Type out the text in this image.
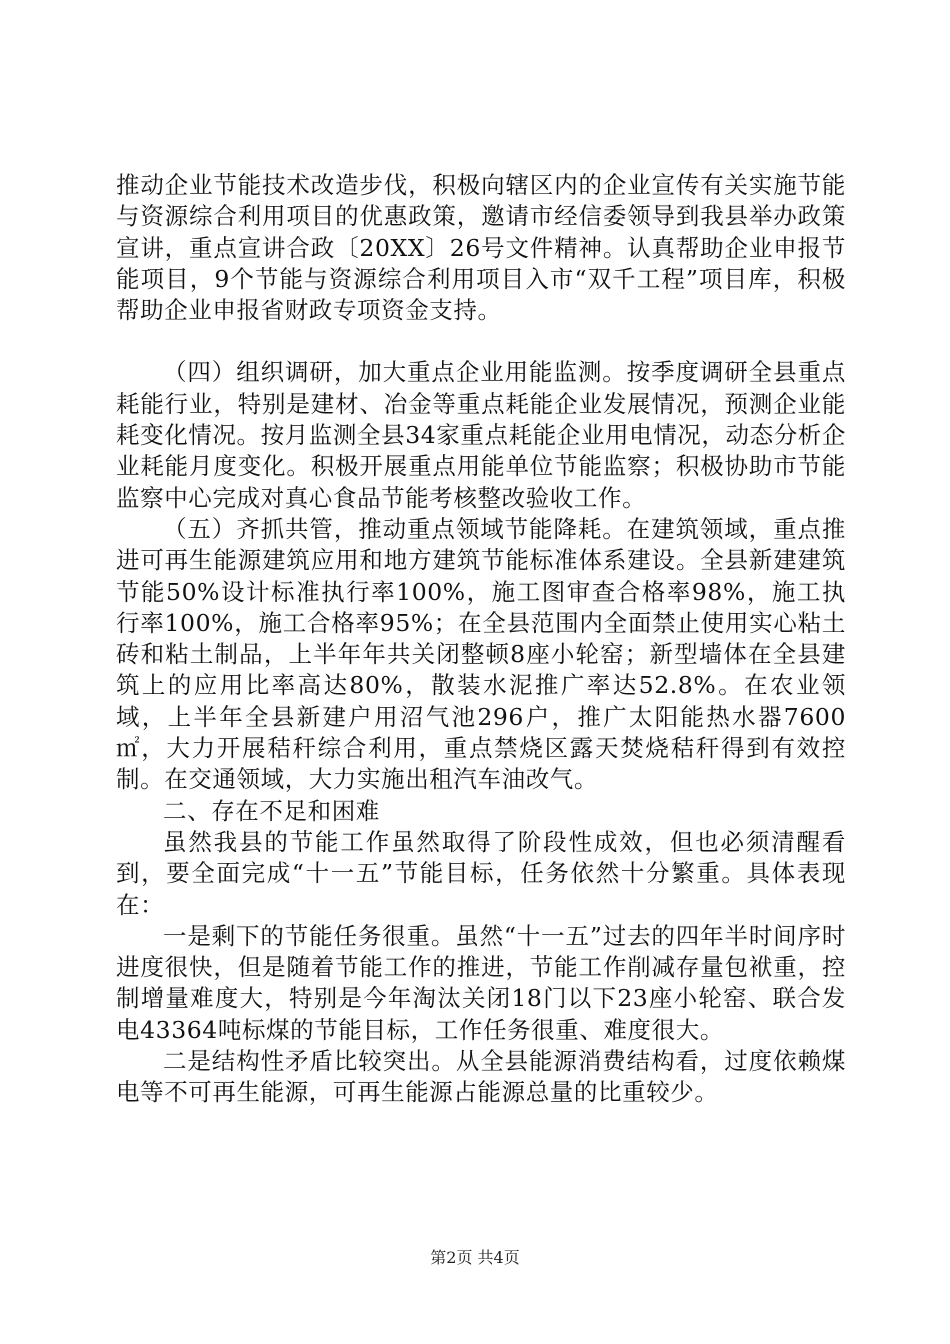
推动企业节能技术改造步伐，积极向辖区内的企业宣传有关实施节能与资源综合利用项目的优惠政策，邀请市经信委领导到我县举办政策宣讲，重点宣讲合政〔20XX〕26号文件精神。认真帮助企业申报节能项目，9个节能与资源综合利用项目入市“双千工程”项目库，积极帮助企业申报省财政专项资金支持。

（四）组织调研，加大重点企业用能监测。按季度调研全县重点耗能行业，特别是建材、冶金等重点耗能企业发展情况，预测企业能耗变化情况。按月监测全县34家重点耗能企业用电情况，动态分析企业耗能月度变化。积极开展重点用能单位节能监察；积极协助市节能监察中心完成对真心食品节能考核整改验收工作。

（五）齐抓共管，推动重点领域节能降耗。在建筑领域，重点推进可再生能源建筑应用和地方建筑节能标准体系建设。全县新建建筑节能50%设计标准执行率100%，施工图审查合格率98%，施工执行率100%，施工合格率95%；在全县范围内全面禁止使用实心粘土砖和粘土制品，上半年年共关闭整顿8座小轮窑；新型墙体在全县建筑上的应用比率高达80%，散装水泥推广率达52.8%。在农业领域，上半年全县新建户用沼气池296户，推广太阳能热水器7600㎡，大力开展秸秆综合利用，重点禁烧区露天焚烧秸秆得到有效控制。在交通领域，大力实施出租汽车油改气。

二、存在不足和困难

虽然我县的节能工作虽然取得了阶段性成效，但也必须清醒看到，要全面完成“十一五”节能目标，任务依然十分繁重。具体表现在：

一是剩下的节能任务很重。虽然“十一五”过去的四年半时间序时进度很快，但是随着节能工作的推进，节能工作削减存量包袱重，控制增量难度大，特别是今年淘汰关闭18门以下23座小轮窑、联合发电43364吨标煤的节能目标，工作任务很重、难度很大。

二是结构性矛盾比较突出。从全县能源消费结构看，过度依赖煤电等不可再生能源，可再生能源占能源总量的比重较少。

第2页 共4页
